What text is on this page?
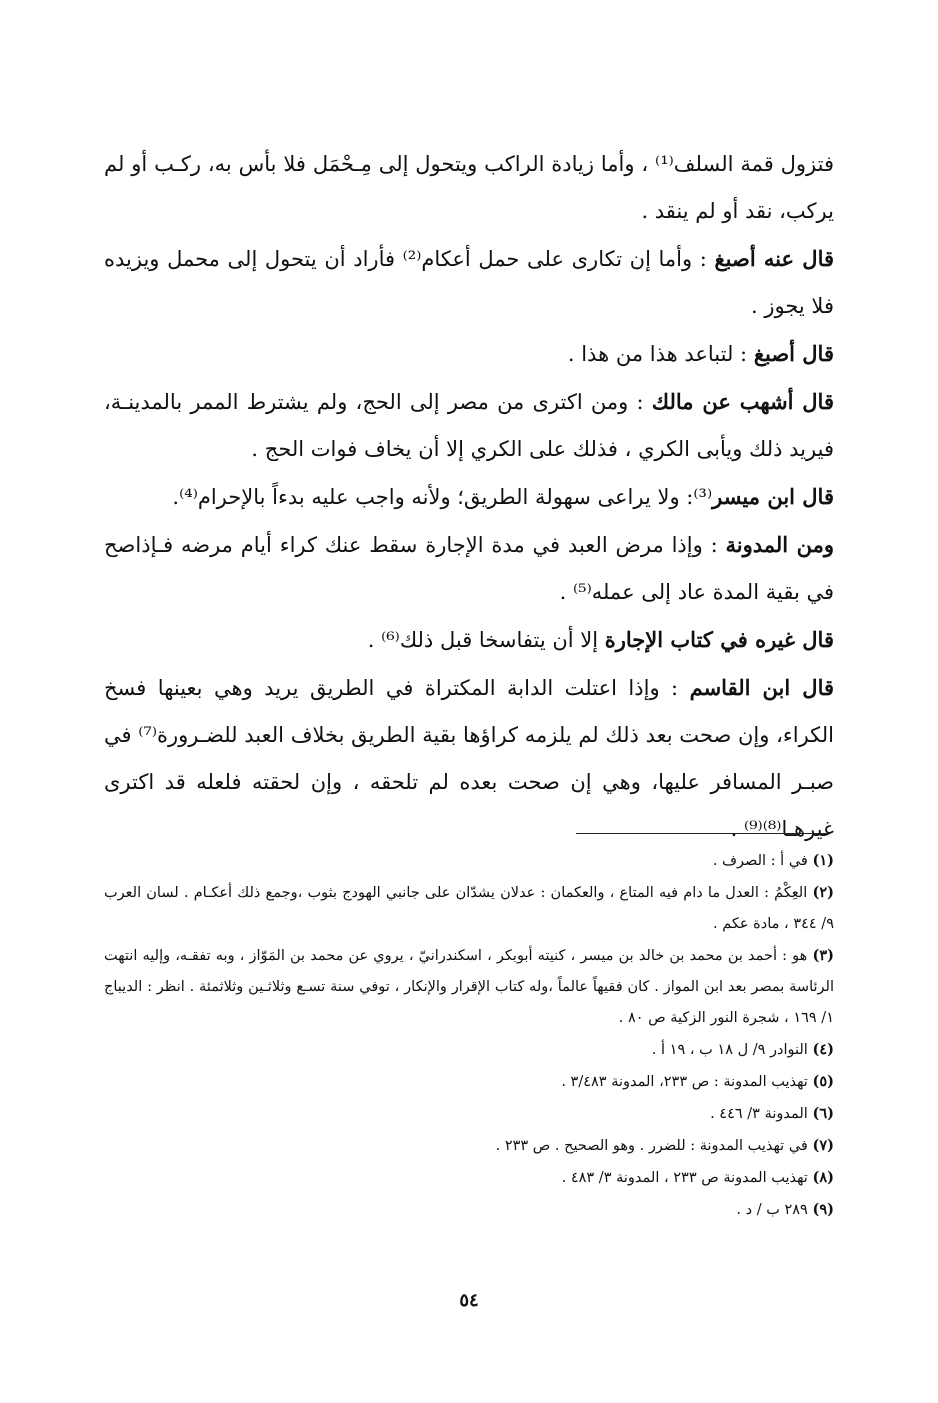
فتزول قمة السلف⁽¹⁾ ، وأما زيادة الراكب ويتحول إلى مِـحْمَل فلا بأس به، ركـب أو لم يركب، نقد أو لم ينقد .

قال عنه أصبغ : وأما إن تكارى على حمل أعكام⁽²⁾ فأراد أن يتحول إلى محمل ويزيده فلا يجوز .

قال أصبغ : لتباعد هذا من هذا .

قال أشهب عن مالك : ومن اكترى من مصر إلى الحج، ولم يشترط الممر بالمدينـة، فيريد ذلك ويأبى الكري ، فذلك على الكري إلا أن يخاف فوات الحج .

قال ابن ميسر⁽³⁾: ولا يراعى سهولة الطريق؛ ولأنه واجب عليه بدءاً بالإحرام⁽⁴⁾.

ومن المدونة : وإذا مرض العبد في مدة الإجارة سقط عنك كراء أيام مرضه فـإذاصح في بقية المدة عاد إلى عمله⁽⁵⁾ .

قال غيره في كتاب الإجارة إلا أن يتفاسخا قبل ذلك⁽⁶⁾ .

قال ابن القاسم : وإذا اعتلت الدابة المكتراة في الطريق يريد وهي بعينها فسخ الكراء، وإن صحت بعد ذلك لم يلزمه كراؤها بقية الطريق بخلاف العبد للضـرورة⁽⁷⁾ في صبـر المسافر عليها، وهي إن صحت بعده لم تلحقه ، وإن لحقته فلعله قد اكترى غيرهـا⁽⁸⁾⁽⁹⁾ .

(١) في أ : الصرف .

(٢) العِكْمُ : العدل ما دام فيه المتاع ، والعكمان : عدلان يشدّان على جانبي الهودج بثوب ،وجمع ذلك أعكـام . لسان العرب ٩/ ٣٤٤ ، مادة عكم .

(٣) هو : أحمد بن محمد بن خالد بن ميسر ، كنيته أبوبكر ، اسكندرانيّ ، يروي عن محمد بن المَوّاز ، وبه تفقـه، وإليه انتهت الرئاسة بمصر بعد ابن المواز . كان فقيهاً عالماً ،وله كتاب الإقرار والإنكار ، توفي سنة تسـع وثلاثـين وثلاثمئة . انظر : الديباج ١/ ١٦٩ ، شجرة النور الزكية ص ٨٠ .

(٤) النوادر ٩/ ل ١٨ ب ، ١٩ أ .

(٥) تهذيب المدونة : ص ٢٣٣، المدونة ٣/٤٨٣ .

(٦) المدونة ٣/ ٤٤٦ .

(٧) في تهذيب المدونة : للضرر . وهو الصحيح . ص ٢٣٣ .

(٨) تهذيب المدونة ص ٢٣٣ ، المدونة ٣/ ٤٨٣ .

(٩) ٢٨٩ ب / د .

٥٤
